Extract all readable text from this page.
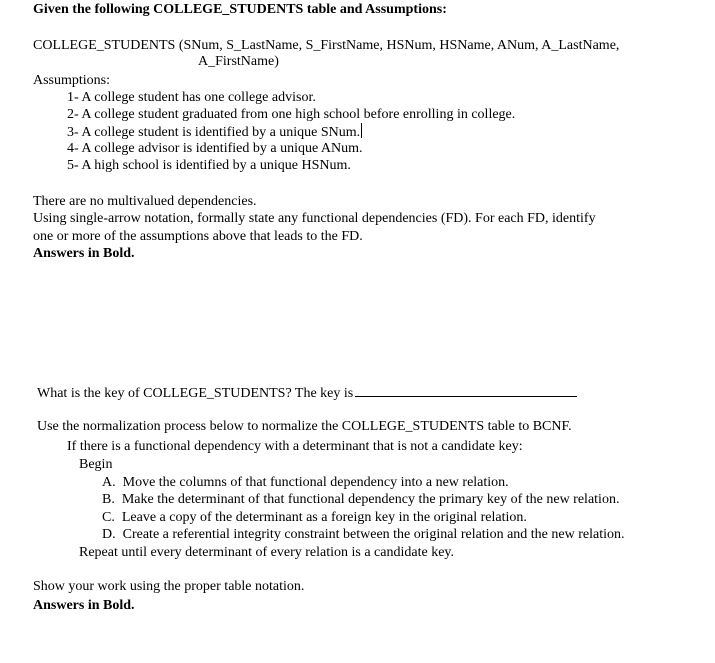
Given the following COLLEGE_STUDENTS table and Assumptions:
COLLEGE_STUDENTS (SNum, S_LastName, S_FirstName, HSNum, HSName, ANum, A_LastName,
A_FirstName)
Assumptions:
1- A college student has one college advisor.
2- A college student graduated from one high school before enrolling in college.
3- A college student is identified by a unique SNum.
4- A college advisor is identified by a unique ANum.
5- A high school is identified by a unique HSNum.
There are no multivalued dependencies.
Using single-arrow notation, formally state any functional dependencies (FD). For each FD, identify
one or more of the assumptions above that leads to the FD.
Answers in Bold.
What is the key of COLLEGE_STUDENTS? The key is
Use the normalization process below to normalize the COLLEGE_STUDENTS table to BCNF.
If there is a functional dependency with a determinant that is not a candidate key:
Begin
A. Move the columns of that functional dependency into a new relation.
B. Make the determinant of that functional dependency the primary key of the new relation.
C. Leave a copy of the determinant as a foreign key in the original relation.
D. Create a referential integrity constraint between the original relation and the new relation.
Repeat until every determinant of every relation is a candidate key.
Show your work using the proper table notation.
Answers in Bold.
